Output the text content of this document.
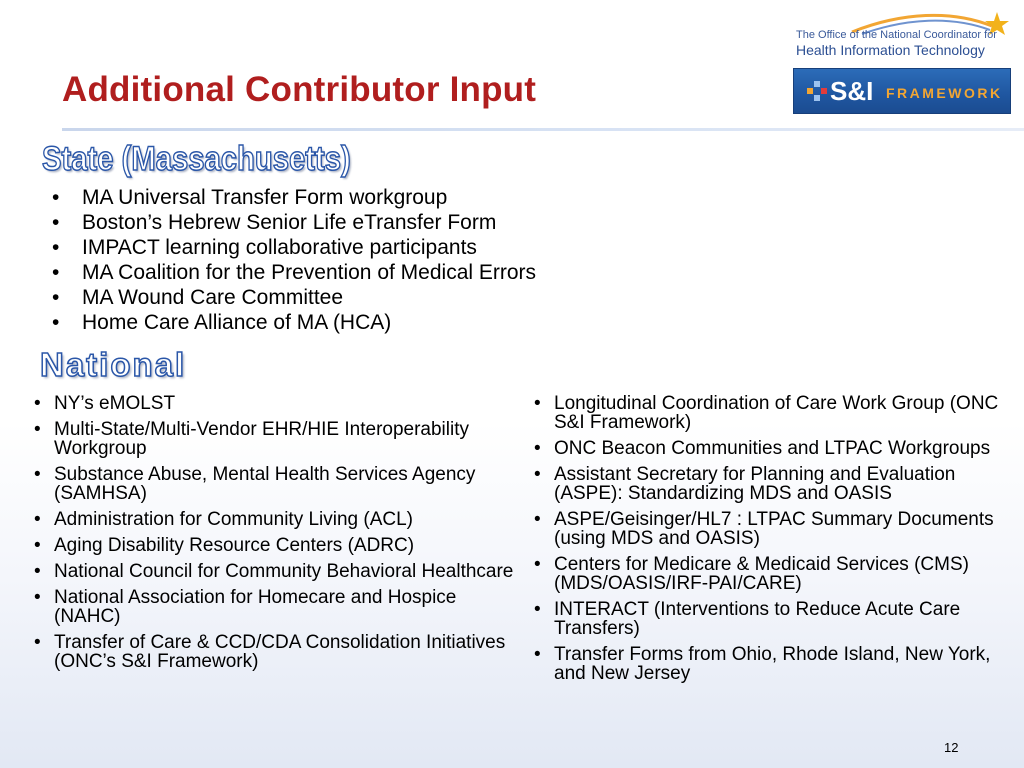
Additional Contributor Input
The Office of the National Coordinator for
Health Information Technology
S&I FRAMEWORK
State (Massachusetts)
• MA Universal Transfer Form workgroup
• Boston’s Hebrew Senior Life eTransfer Form
• IMPACT learning collaborative participants
• MA Coalition for the Prevention of Medical Errors
• MA Wound Care Committee
• Home Care Alliance of MA (HCA)
National
• NY’s eMOLST
• Multi-State/Multi-Vendor EHR/HIE Interoperability Workgroup
• Substance Abuse, Mental Health Services Agency (SAMHSA)
• Administration for Community Living (ACL)
• Aging Disability Resource Centers (ADRC)
• National Council for Community Behavioral Healthcare
• National Association for Homecare and Hospice (NAHC)
• Transfer of Care & CCD/CDA Consolidation Initiatives (ONC’s S&I Framework)
• Longitudinal Coordination of Care Work Group (ONC S&I Framework)
• ONC Beacon Communities and LTPAC Workgroups
• Assistant Secretary for Planning and Evaluation (ASPE): Standardizing MDS and OASIS
• ASPE/Geisinger/HL7 : LTPAC Summary Documents (using MDS and OASIS)
• Centers for Medicare & Medicaid Services (CMS)(MDS/OASIS/IRF-PAI/CARE)
• INTERACT (Interventions to Reduce Acute Care Transfers)
• Transfer Forms from Ohio, Rhode Island, New York, and New Jersey
12
